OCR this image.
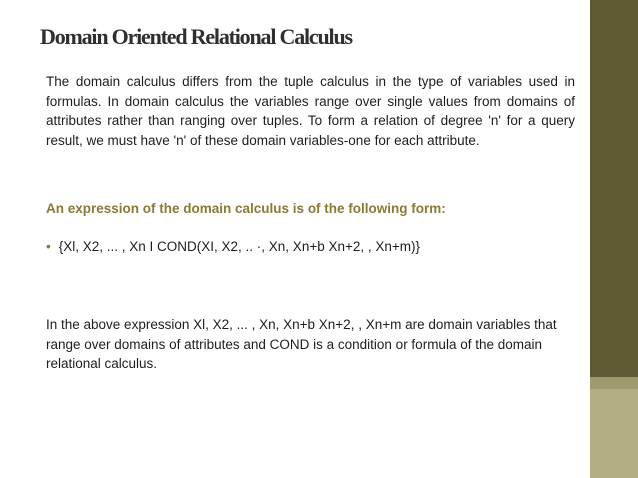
Domain Oriented Relational Calculus
The domain calculus differs from the tuple calculus in the type of variables used in formulas. In domain calculus the variables range over single values from domains of attributes rather than ranging over tuples. To form a relation of degree 'n' for a query result, we must have 'n' of these domain variables-one for each attribute.
An expression of the domain calculus is of the following form:
• {Xl, X2, ... , Xn I COND(XI, X2, .. ·, Xn, Xn+b Xn+2, , Xn+m)}
In the above expression Xl, X2, ... , Xn, Xn+b Xn+2, , Xn+m are domain variables that range over domains of attributes and COND is a condition or formula of the domain relational calculus.
